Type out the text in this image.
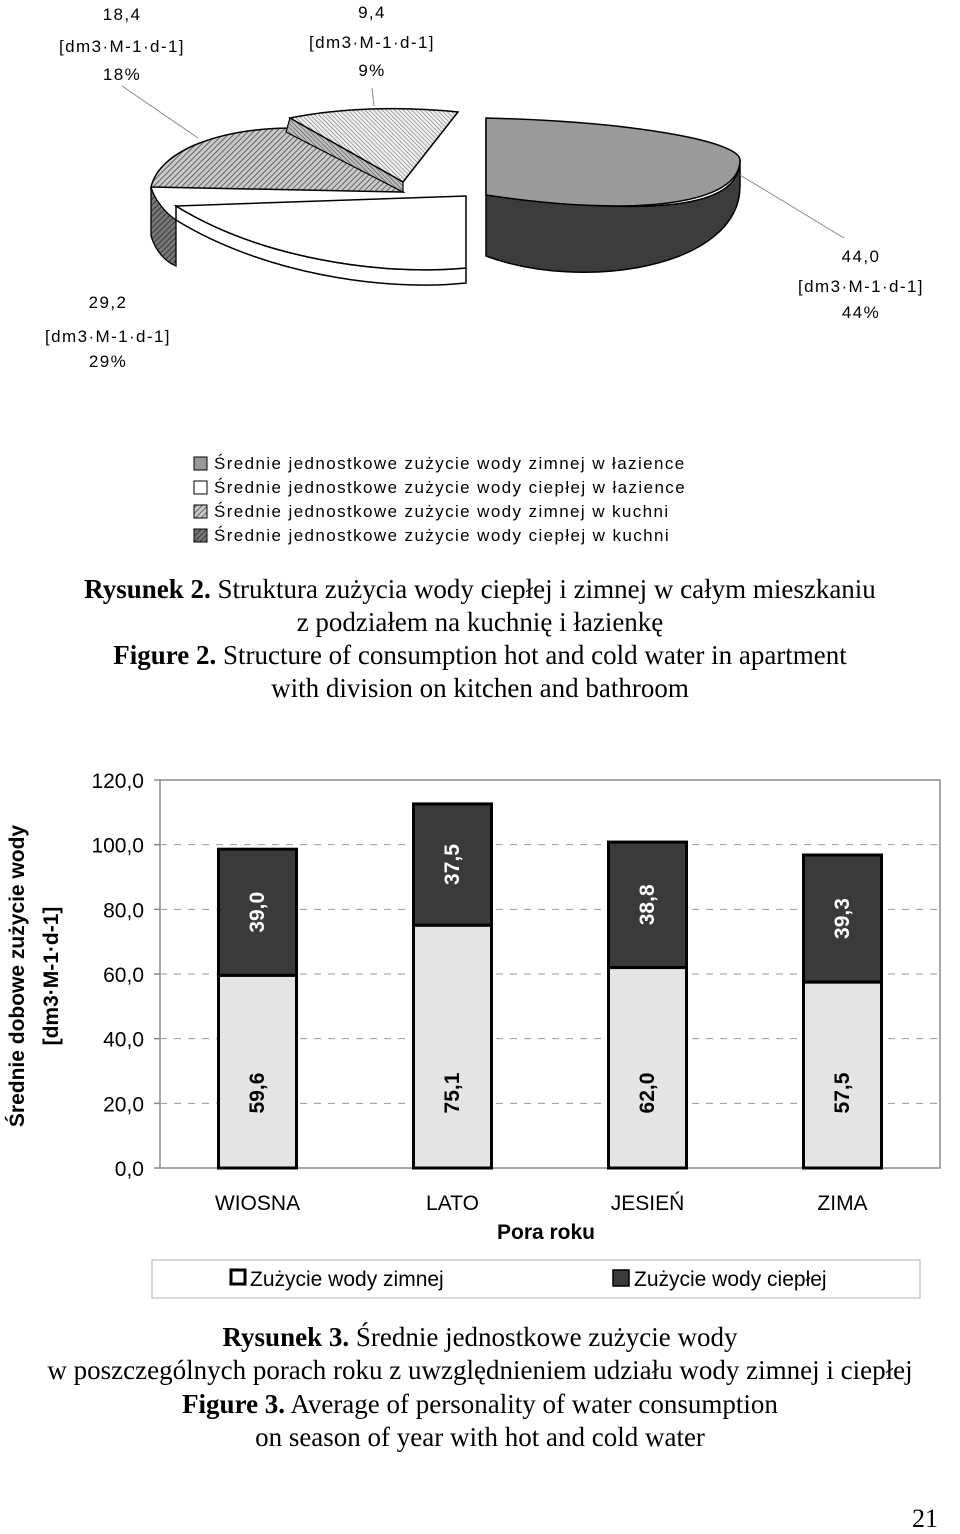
18,4
[dm3·M-1·d-1]
18%
9,4
[dm3·M-1·d-1]
9%
29,2
[dm3·M-1·d-1]
29%
44,0
[dm3·M-1·d-1]
44%
Średnie jednostkowe zużycie wody zimnej w łazience
Średnie jednostkowe zużycie wody ciepłej w łazience
Średnie jednostkowe zużycie wody zimnej w kuchni
Średnie jednostkowe zużycie wody ciepłej w kuchni
0,0
20,0
40,0
60,0
80,0
100,0
120,0
59,6
39,0
75,1
37,5
62,0
38,8
57,5
39,3
WIOSNA	LATO	JESIEŃ	ZIMA
Pora roku
Średnie dobowe zużycie wody [dm3·M-1·d-1]
Zużycie wody zimnej	Zużycie wody ciepłej
Rysunek 2. Struktura zużycia wody ciepłej i zimnej w całym mieszkaniu
z podziałem na kuchnię i łazienkę
Figure 2. Structure of consumption hot and cold water in apartment
with division on kitchen and bathroom
Rysunek 3. Średnie jednostkowe zużycie wody
w poszczególnych porach roku z uwzględnieniem udziału wody zimnej i ciepłej
Figure 3. Average of personality of water consumption
on season of year with hot and cold water
21
